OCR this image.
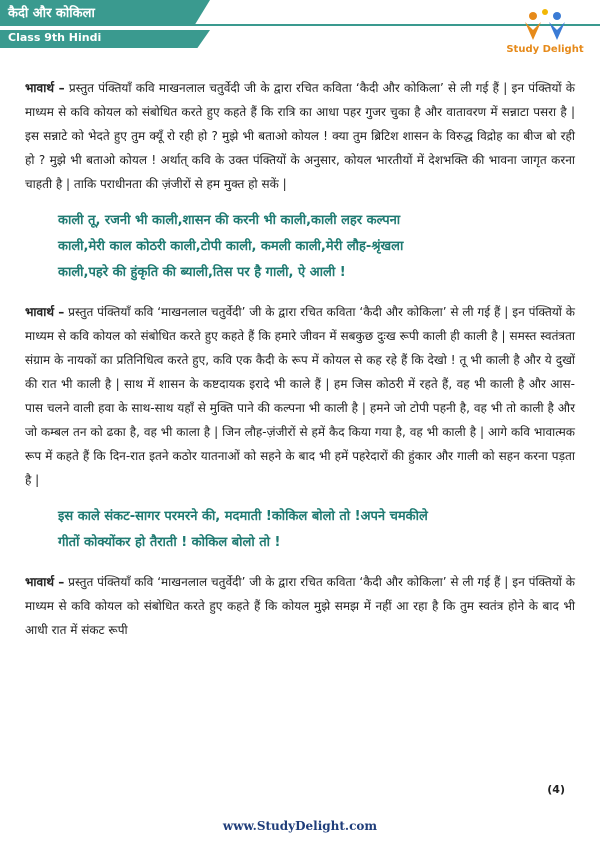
कैदी और कोकिला
Class 9th Hindi
Study Delight

भावार्थ – प्रस्तुत पंक्तियाँ कवि माखनलाल चतुर्वेदी जी के द्वारा रचित कविता ‘कैदी और कोकिला’ से ली गई हैं | इन पंक्तियों के माध्यम से कवि कोयल को संबोधित करते हुए कहते हैं कि रात्रि का आधा पहर गुजर चुका है और वातावरण में सन्नाटा पसरा है | इस सन्नाटे को भेदते हुए तुम क्यूँ रो रही हो ? मुझे भी बताओ कोयल ! क्या तुम ब्रिटिश शासन के विरुद्ध विद्रोह का बीज बो रही हो ? मुझे भी बताओ कोयल ! अर्थात् कवि के उक्त पंक्तियों के अनुसार, कोयल भारतीयों में देशभक्ति की भावना जागृत करना चाहती है | ताकि पराधीनता की ज़ंजीरों से हम मुक्त हो सकें |

काली तू, रजनी भी काली,शासन की करनी भी काली,काली लहर कल्पना
काली,मेरी काल कोठरी काली,टोपी काली, कमली काली,मेरी लौह-श्रृंखला
काली,पहरे की हुंकृति की ब्याली,तिस पर है गाली, ऐ आली !

भावार्थ – प्रस्तुत पंक्तियाँ कवि ‘माखनलाल चतुर्वेदी’ जी के द्वारा रचित कविता ‘कैदी और कोकिला’ से ली गई हैं | इन पंक्तियों के माध्यम से कवि कोयल को संबोधित करते हुए कहते हैं कि हमारे जीवन में सबकुछ दुःख रूपी काली ही काली है | समस्त स्वतंत्रता संग्राम के नायकों का प्रतिनिधित्व करते हुए, कवि एक कैदी के रूप में कोयल से कह रहे हैं कि देखो ! तू भी काली है और ये दुखों की रात भी काली है | साथ में शासन के कष्टदायक इरादे भी काले हैं | हम जिस कोठरी में रहते हैं, वह भी काली है और आस-पास चलने वाली हवा के साथ-साथ यहाँ से मुक्ति पाने की कल्पना भी काली है | हमने जो टोपी पहनी है, वह भी तो काली है और जो कम्बल तन को ढका है, वह भी काला है | जिन लौह-ज़ंजीरों से हमें कैद किया गया है, वह भी काली है | आगे कवि भावात्मक रूप में कहते हैं कि दिन-रात इतने कठोर यातनाओं को सहने के बाद भी हमें पहरेदारों की हुंकार और गाली को सहन करना पड़ता है |

इस काले संकट-सागर परमरने की, मदमाती !कोकिल बोलो तो !अपने चमकीले
गीतों कोक्योंकर हो तैराती ! कोकिल बोलो तो !

भावार्थ – प्रस्तुत पंक्तियाँ कवि ‘माखनलाल चतुर्वेदी’ जी के द्वारा रचित कविता ‘कैदी और कोकिला’ से ली गई हैं | इन पंक्तियों के माध्यम से कवि कोयल को संबोधित करते हुए कहते हैं कि कोयल मुझे समझ में नहीं आ रहा है कि तुम स्वतंत्र होने के बाद भी आधी रात में संकट रूपी

(4)
www.StudyDelight.com
